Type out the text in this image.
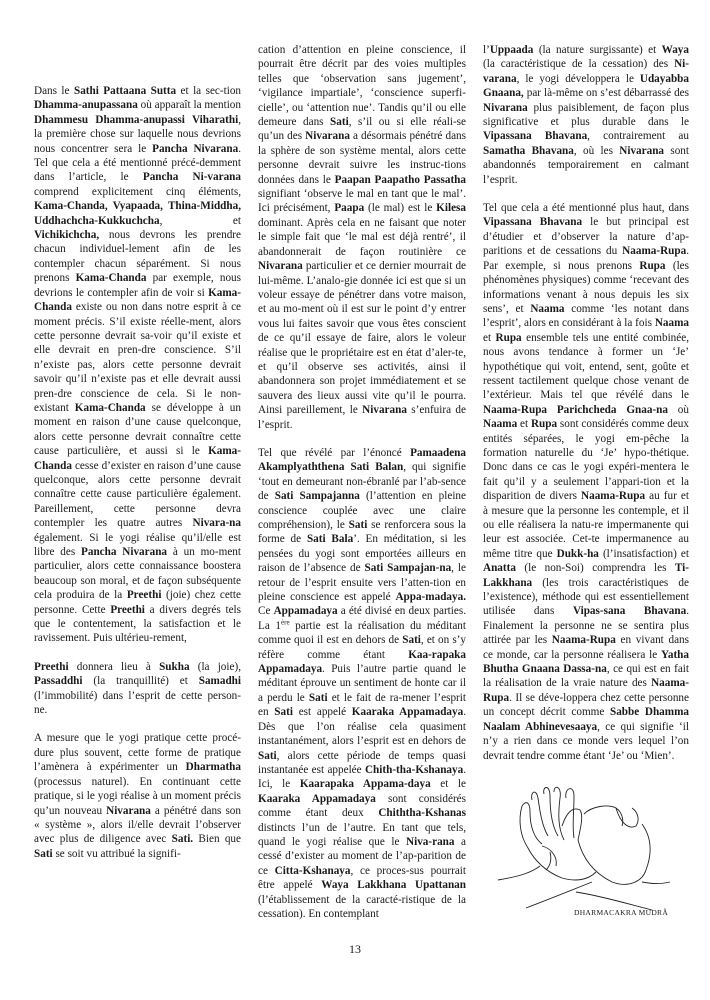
Dans le Sathi Pattaana Sutta et la sec-tion Dhamma-anupassana où apparaît la mention Dhammesu Dhamma-anupassi Viharathi, la première chose sur laquelle nous devrions nous concentrer sera le Pancha Nivarana. Tel que cela a été mentionné précé-demment dans l’article, le Pancha Ni-varana comprend explicitement cinq éléments, Kama-Chanda, Vyapaada, Thina-Middha, Uddhachcha-Kukkuchcha, et Vichikichcha, nous devrons les prendre chacun individuel-lement afin de les contempler chacun séparément. Si nous prenons Kama-Chanda par exemple, nous devrions le contempler afin de voir si Kama-Chanda existe ou non dans notre esprit à ce moment précis. S’il existe réelle-ment, alors cette personne devrait sa-voir qu’il existe et elle devrait en pren-dre conscience. S’il n’existe pas, alors cette personne devrait savoir qu’il n’existe pas et elle devrait aussi pren-dre conscience de cela. Si le non-existant Kama-Chanda se développe à un moment en raison d’une cause quelconque, alors cette personne devrait connaître cette cause particulière, et aussi si le Kama-Chanda cesse d’exister en raison d’une cause quelconque, alors cette personne devrait connaître cette cause particulière également. Pareillement, cette personne devra contempler les quatre autres Nivara-na également. Si le yogi réalise qu’il/elle est libre des Pancha Nivarana à un mo-ment particulier, alors cette connaissance boostera beaucoup son moral, et de façon subséquente cela produira de la Preethi (joie) chez cette personne. Cette Preethi a divers degrés tels que le contentement, la satisfaction et le ravissement. Puis ultérieu-rement,

Preethi donnera lieu à Sukha (la joie), Passaddhi (la tranquillité) et Samadhi (l’immobilité) dans l’esprit de cette person-ne.

A mesure que le yogi pratique cette procé-dure plus souvent, cette forme de pratique l’amènera à expérimenter un Dharmatha (processus naturel). En continuant cette pratique, si le yogi réalise à un moment précis qu’un nouveau Nivarana a pénétré dans son « système », alors il/elle devrait l’observer avec plus de diligence avec Sati. Bien que Sati se soit vu attribué la signifi-

cation d’attention en pleine conscience, il pourrait être décrit par des voies multiples telles que ‘observation sans jugement’, ‘vigilance impartiale’, ‘conscience superfi-cielle’, ou ‘attention nue’. Tandis qu’il ou elle demeure dans Sati, s’il ou si elle réali-se qu’un des Nivarana a désormais pénétré dans la sphère de son système mental, alors cette personne devrait suivre les instruc-tions données dans le Paapan Paapatho Passatha signifiant ‘observe le mal en tant que le mal’. Ici précisément, Paapa (le mal) est le Kilesa dominant. Après cela en ne faisant que noter le simple fait que ‘le mal est déjà rentré’, il abandonnerait de façon routinière ce Nivarana particulier et ce dernier mourrait de lui-même. L’analo-gie donnée ici est que si un voleur essaye de pénétrer dans votre maison, et au mo-ment où il est sur le point d’y entrer vous lui faites savoir que vous êtes conscient de ce qu’il essaye de faire, alors le voleur réalise que le propriétaire est en état d’aler-te, et qu’il observe ses activités, ainsi il abandonnera son projet immédiatement et se sauvera des lieux aussi vite qu’il le pourra. Ainsi pareillement, le Nivarana s’enfuira de l’esprit.

Tel que révélé par l’énoncé Pamaadena Akamplyaththena Sati Balan, qui signifie ‘tout en demeurant non-ébranlé par l’ab-sence de Sati Sampajanna (l’attention en pleine conscience couplée avec une claire compréhension), le Sati se renforcera sous la forme de Sati Bala’. En méditation, si les pensées du yogi sont emportées ailleurs en raison de l’absence de Sati Sampajan-na, le retour de l’esprit ensuite vers l’atten-tion en pleine conscience est appelé Appa-madaya. Ce Appamadaya a été divisé en deux parties. La 1ère partie est la réalisation du méditant comme quoi il est en dehors de Sati, et on s’y réfère comme étant Kaa-rapaka Appamadaya. Puis l’autre partie quand le méditant éprouve un sentiment de honte car il a perdu le Sati et le fait de ra-mener l’esprit en Sati est appelé Kaaraka Appamadaya. Dès que l’on réalise cela quasiment instantanément, alors l’esprit est en dehors de Sati, alors cette période de temps quasi instantanée est appelée Chith-tha-Kshanaya. Ici, le Kaarapaka Appama-daya et le Kaaraka Appamadaya sont considérés comme étant deux Chiththa-Kshanas distincts l’un de l’autre. En tant que tels, quand le yogi réalise que le Niva-rana a cessé d’exister au moment de l’ap-parition de ce Citta-Kshanaya, ce proces-sus pourrait être appelé Waya Lakkhana Upattanan (l’établissement de la caracté-ristique de la cessation). En contemplant

l’Uppaada (la nature surgissante) et Waya (la caractéristique de la cessation) des Ni-varana, le yogi développera le Udayabba Gnaana, par là-même on s’est débarrassé des Nivarana plus paisiblement, de façon plus significative et plus durable dans le Vipassana Bhavana, contrairement au Samatha Bhavana, où les Nivarana sont abandonnés temporairement en calmant l’esprit.

Tel que cela a été mentionné plus haut, dans Vipassana Bhavana le but principal est d’étudier et d’observer la nature d’ap-paritions et de cessations du Naama-Rupa. Par exemple, si nous prenons Rupa (les phénomènes physiques) comme ‘recevant des informations venant à nous depuis les six sens’, et Naama comme ‘les notant dans l’esprit’, alors en considérant à la fois Naama et Rupa ensemble tels une entité combinée, nous avons tendance à former un ‘Je’ hypothétique qui voit, entend, sent, goûte et ressent tactilement quelque chose venant de l’extérieur. Mais tel que révélé dans le Naama-Rupa Parichcheda Gnaa-na où Naama et Rupa sont considérés comme deux entités séparées, le yogi em-pêche la formation naturelle du ‘Je’ hypo-thétique. Donc dans ce cas le yogi expéri-mentera le fait qu’il y a seulement l’appari-tion et la disparition de divers Naama-Rupa au fur et à mesure que la personne les contemple, et il ou elle réalisera la natu-re impermanente qui leur est associée. Cet-te impermanence au même titre que Dukk-ha (l’insatisfaction) et Anatta (le non-Soi) comprendra les Ti-Lakkhana (les trois caractéristiques de l’existence), méthode qui est essentiellement utilisée dans Vipas-sana Bhavana. Finalement la personne ne se sentira plus attirée par les Naama-Rupa en vivant dans ce monde, car la personne réalisera le Yatha Bhutha Gnaana Dassa-na, ce qui est en fait la réalisation de la vraie nature des Naama-Rupa. Il se déve-loppera chez cette personne un concept décrit comme Sabbe Dhamma Naalam Abhinevesaaya, ce qui signifie ‘il n’y a rien dans ce monde vers lequel l’on devrait tendre comme étant ‘Je’ ou ‘Mien’.

DHARMACAKRA MUDRÂ
13
